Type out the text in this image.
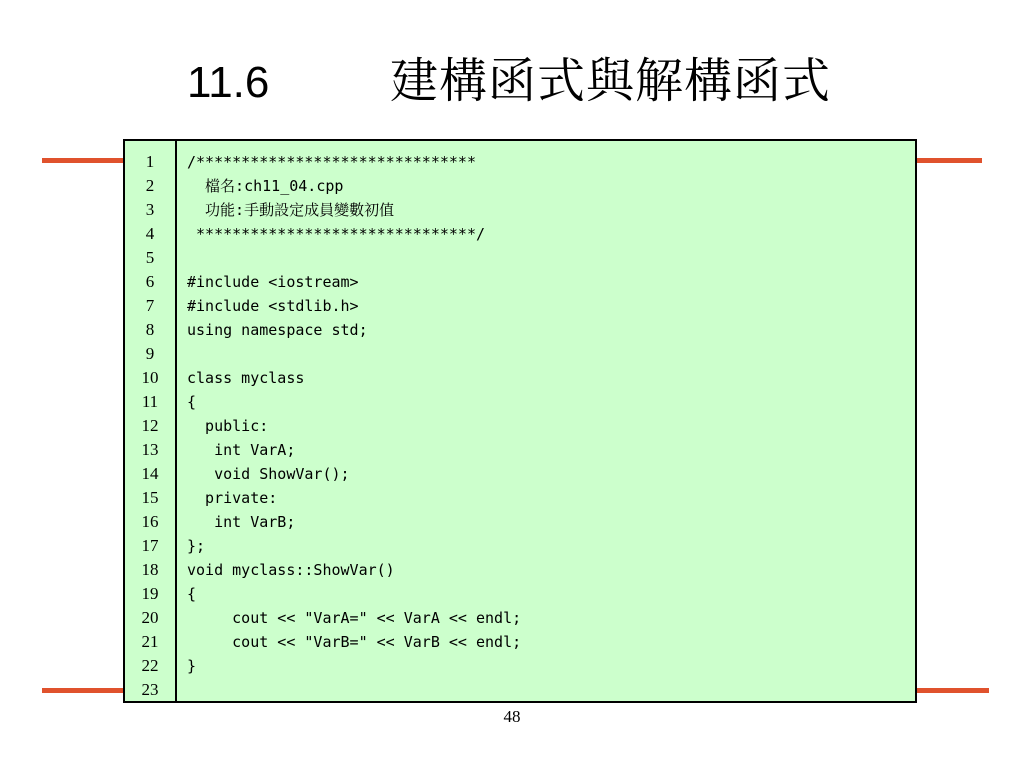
11.6	建構函式與解構函式
1
2
3
4
5
6
7
8
9
10
11
12
13
14
15
16
17
18
19
20
21
22
23
/*******************************
檔名:ch11_04.cpp
功能:手動設定成員變數初值
*******************************/
#include <iostream>
#include <stdlib.h>
using namespace std;
class myclass
{
public:
int VarA;
void ShowVar();
private:
int VarB;
};
void myclass::ShowVar()
{
cout << "VarA=" << VarA << endl;
cout << "VarB=" << VarB << endl;
}
48
